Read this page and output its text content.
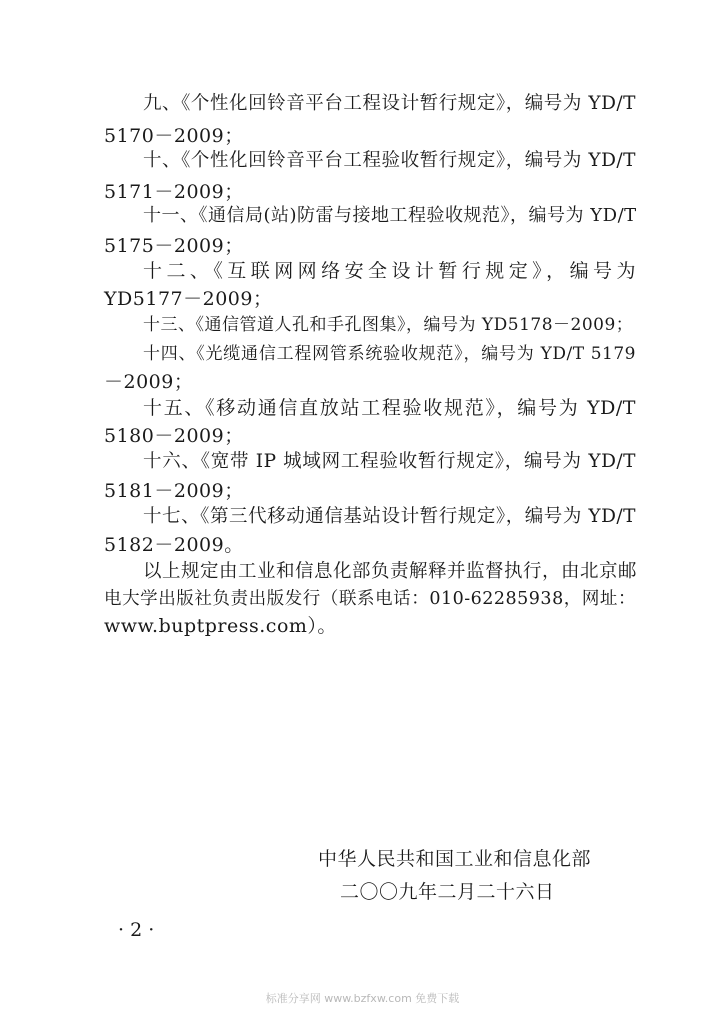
九、《个性化回铃音平台工程设计暂行规定》，编号为 YD/T
5170－2009；
十、《个性化回铃音平台工程验收暂行规定》，编号为 YD/T
5171－2009；
十一、《通信局(站)防雷与接地工程验收规范》，编号为 YD/T
5175－2009；
十二、《互联网网络安全设计暂行规定》，编号为
YD5177－2009；
十三、《通信管道人孔和手孔图集》，编号为 YD5178－2009；
十四、《光缆通信工程网管系统验收规范》，编号为 YD/T 5179
－2009；
十五、《移动通信直放站工程验收规范》，编号为 YD/T
5180－2009；
十六、《宽带 IP 城域网工程验收暂行规定》，编号为 YD/T
5181－2009；
十七、《第三代移动通信基站设计暂行规定》，编号为 YD/T
5182－2009。
以上规定由工业和信息化部负责解释并监督执行，由北京邮
电大学出版社负责出版发行（联系电话：010-62285938，网址：
www.buptpress.com）。
中华人民共和国工业和信息化部
二〇〇九年二月二十六日
· 2 ·
标准分享网 www.bzfxw.com 免费下载
